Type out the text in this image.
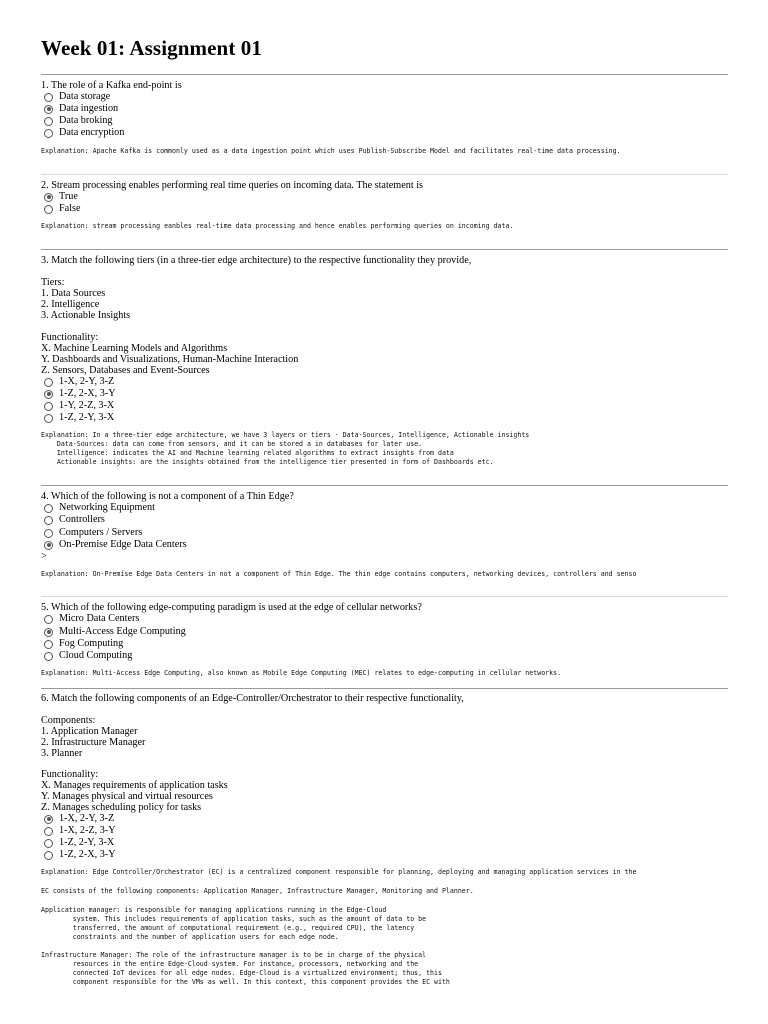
Week 01: Assignment 01
1. The role of a Kafka end-point is
Data storage
Data ingestion
Data broking
Data encryption
Explanation: Apache Kafka is commonly used as a data ingestion point which uses Publish-Subscribe Model and facilitates real-time data processing.
2. Stream processing enables performing real time queries on incoming data. The statement is
True
False
Explanation: stream processing eanbles real-time data processing and hence enables performing queries on incoming data.
3. Match the following tiers (in a three-tier edge architecture) to the respective functionality they provide,
Tiers:
1. Data Sources
2. Intelligence
3. Actionable Insights
Functionality:
X. Machine Learning Models and Algorithms
Y. Dashboards and Visualizations, Human-Machine Interaction
Z. Sensors, Databases and Event-Sources
1-X, 2-Y, 3-Z
1-Z, 2-X, 3-Y
1-Y, 2-Z, 3-X
1-Z, 2-Y, 3-X
Explanation: In a three-tier edge architecture, we have 3 layers or tiers - Data-Sources, Intelligence, Actionable insights
Data-Sources: data can come from sensors, and it can be stored a in databases for later use.
Intelligence: indicates the AI and Machine learning related algorithms to extract insights from data
Actionable insights: are the insights obtained from the intelligence tier presented in form of Dashboards etc.
4. Which of the following is not a component of a Thin Edge?
Networking Equipment
Controllers
Computers / Servers
On-Premise Edge Data Centers
>
Explanation: On-Premise Edge Data Centers in not a component of Thin Edge. The thin edge contains computers, networking devices, controllers and senso
5. Which of the following edge-computing paradigm is used at the edge of cellular networks?
Micro Data Centers
Multi-Access Edge Computing
Fog Computing
Cloud Computing
Explanation: Multi-Access Edge Computing, also known as Mobile Edge Computing (MEC) relates to edge-computing in cellular networks.
6. Match the following components of an Edge-Controller/Orchestrator to their respective functionality,
Components:
1. Application Manager
2. Infrastructure Manager
3. Planner
Functionality:
X. Manages requirements of application tasks
Y. Manages physical and virtual resources
Z. Manages scheduling policy for tasks
1-X, 2-Y, 3-Z
1-X, 2-Z, 3-Y
1-Z, 2-Y, 3-X
1-Z, 2-X, 3-Y
Explanation: Edge Controller/Orchestrator (EC) is a centralized component responsible for planning, deploying and managing application services in the
EC consists of the following components: Application Manager, Infrastructure Manager, Monitoring and Planner.
Application manager: is responsible for managing applications running in the Edge-Cloud
system. This includes requirements of application tasks, such as the amount of data to be
transferred, the amount of computational requirement (e.g., required CPU), the latency
constraints and the number of application users for each edge node.
Infrastructure Manager: The role of the infrastructure manager is to be in charge of the physical
resources in the entire Edge-Cloud system. For instance, processors, networking and the
connected IoT devices for all edge nodes. Edge-Cloud is a virtualized environment; thus, this
component responsible for the VMs as well. In this context, this component provides the EC with
